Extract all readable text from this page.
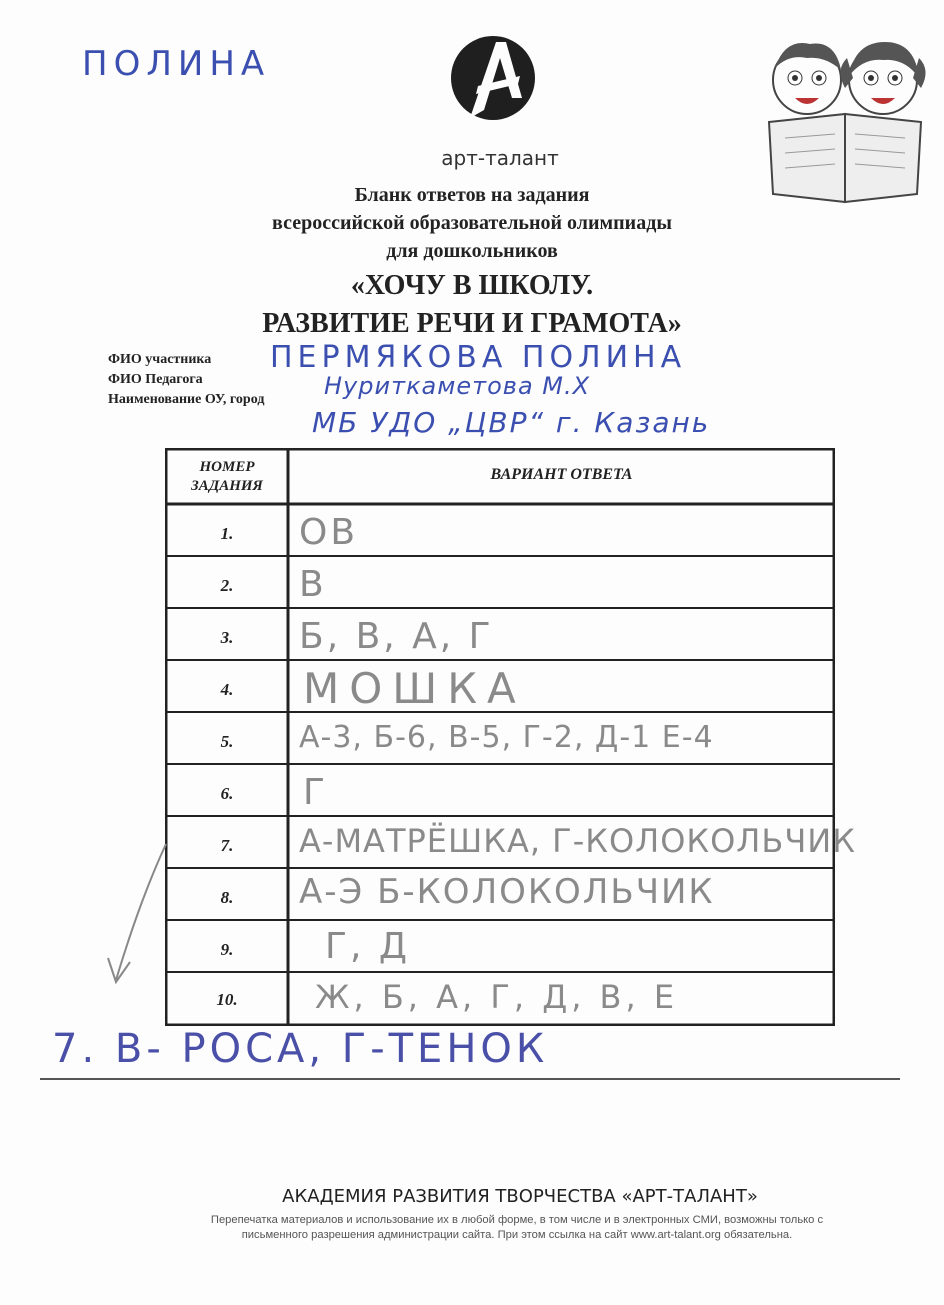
ПОЛИНА
арт-талант
Бланк ответов на задания
всероссийской образовательной олимпиады
для дошкольников
«ХОЧУ В ШКОЛУ.
РАЗВИТИЕ РЕЧИ И ГРАМОТА»
ФИО участника ПЕРМЯКОВА ПОЛИНА
ФИО Педагога	Нуриткаметова М.Х
Наименование ОУ, город
МБ УДО „ЦВР“ г. Казань
НОМЕР ЗАДАНИЯ
ВАРИАНТ ОТВЕТА
1.	ОВ
2.	В
3.	Б, В, А, Г
4.	МОШКА
5.	А-3, Б-6, В-5, Г-2, Д-1 Е-4
6.	Г
7.	А-МАТРЁШКА, Г-КОЛОКОЛЬЧИК
8.	А-Э Б-КОЛОКОЛЬЧИК
9.	Г, Д
10.	Ж, Б, А, Г, Д, В, Е
7. В- РОСА, Г-ТЕНОК
АКАДЕМИЯ РАЗВИТИЯ ТВОРЧЕСТВА «АРТ-ТАЛАНТ»
Перепечатка материалов и использование их в любой форме, в том числе и в электронных СМИ, возможны только с
письменного разрешения администрации сайта. При этом ссылка на сайт www.art-talant.org обязательна.
